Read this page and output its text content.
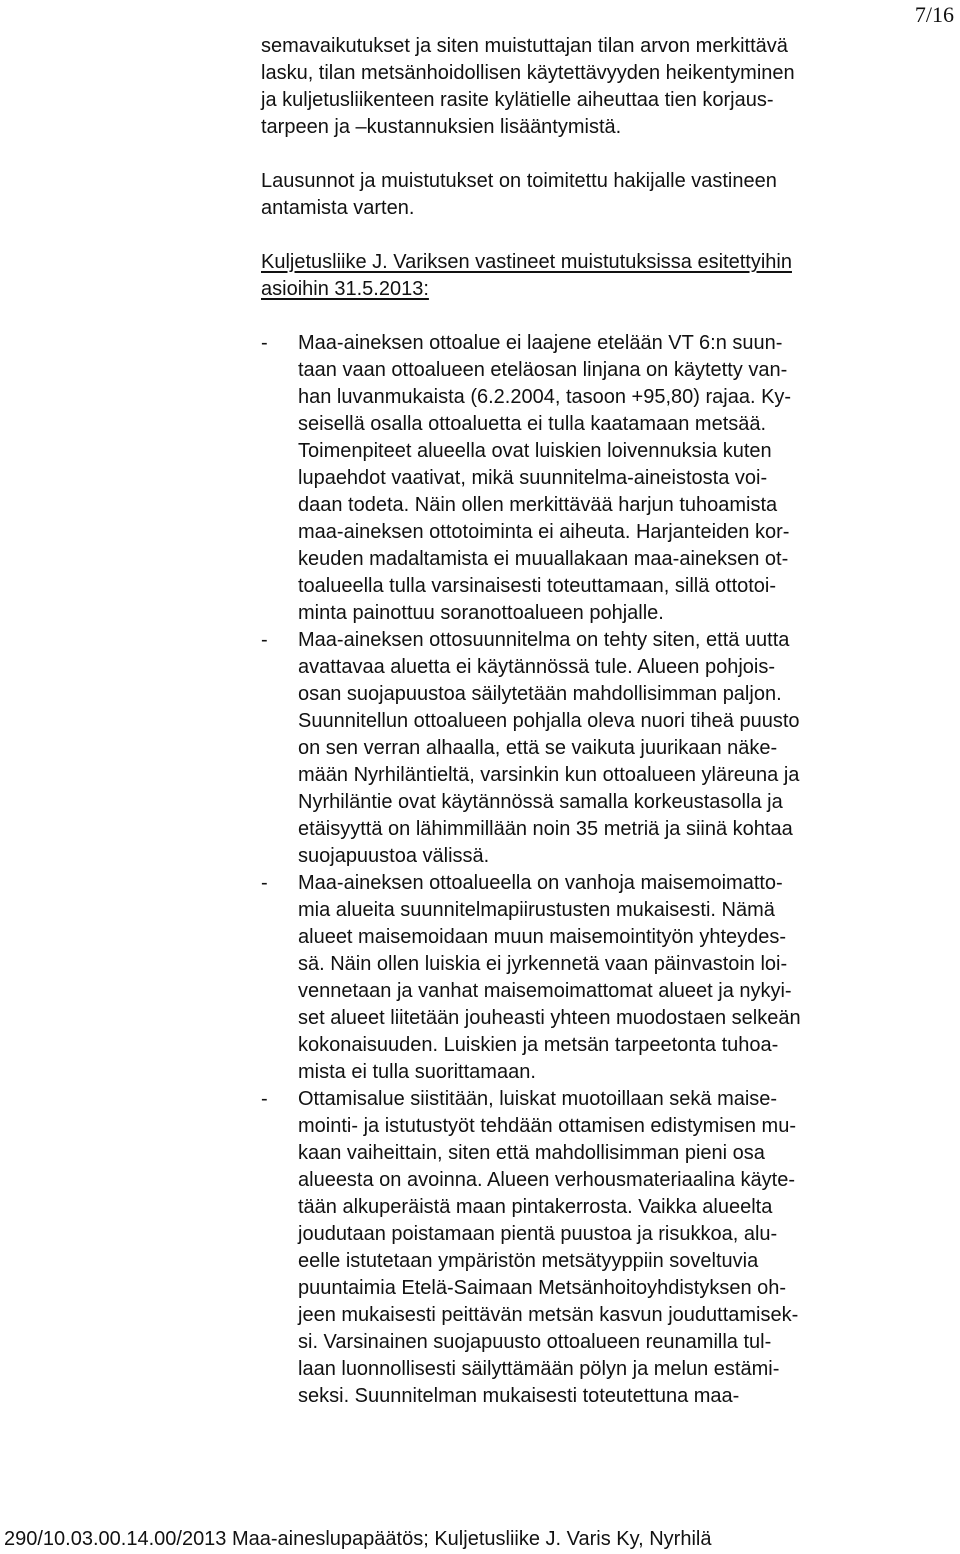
7/16
semavaikutukset ja siten muistuttajan tilan arvon merkittävä
lasku, tilan metsänhoidollisen käytettävyyden heikentyminen
ja kuljetusliikenteen rasite kylätielle aiheuttaa tien korjaus-
tarpeen ja –kustannuksien lisääntymistä.
Lausunnot ja muistutukset on toimitettu hakijalle vastineen
antamista varten.
Kuljetusliike J. Variksen vastineet muistutuksissa esitettyihin
asioihin 31.5.2013:
-	Maa-aineksen ottoalue ei laajene etelään VT 6:n suun-
taan vaan ottoalueen eteläosan linjana on käytetty van-
han luvanmukaista (6.2.2004, tasoon +95,80) rajaa. Ky-
seisellä osalla ottoaluetta ei tulla kaatamaan metsää.
Toimenpiteet alueella ovat luiskien loivennuksia kuten
lupaehdot vaativat, mikä suunnitelma-aineistosta voi-
daan todeta. Näin ollen merkittävää harjun tuhoamista
maa-aineksen ottotoiminta ei aiheuta. Harjanteiden kor-
keuden madaltamista ei muuallakaan maa-aineksen ot-
toalueella tulla varsinaisesti toteuttamaan, sillä ottotoi-
minta painottuu soranottoalueen pohjalle.
-	Maa-aineksen ottosuunnitelma on tehty siten, että uutta
avattavaa aluetta ei käytännössä tule. Alueen pohjois-
osan suojapuustoa säilytetään mahdollisimman paljon.
Suunnitellun ottoalueen pohjalla oleva nuori tiheä puusto
on sen verran alhaalla, että se vaikuta juurikaan näke-
mään Nyrhiläntieltä, varsinkin kun ottoalueen yläreuna ja
Nyrhiläntie ovat käytännössä samalla korkeustasolla ja
etäisyyttä on lähimmillään noin 35 metriä ja siinä kohtaa
suojapuustoa välissä.
-	Maa-aineksen ottoalueella on vanhoja maisemoimatto-
mia alueita suunnitelmapiirustusten mukaisesti. Nämä
alueet maisemoidaan muun maisemointityön yhteydes-
sä. Näin ollen luiskia ei jyrkennetä vaan päinvastoin loi-
vennetaan ja vanhat maisemoimattomat alueet ja nykyi-
set alueet liitetään jouheasti yhteen muodostaen selkeän
kokonaisuuden. Luiskien ja metsän tarpeetonta tuhoa-
mista ei tulla suorittamaan.
-	Ottamisalue siistitään, luiskat muotoillaan sekä maise-
mointi- ja istutustyöt tehdään ottamisen edistymisen mu-
kaan vaiheittain, siten että mahdollisimman pieni osa
alueesta on avoinna. Alueen verhousmateriaalina käyte-
tään alkuperäistä maan pintakerrosta. Vaikka alueelta
joudutaan poistamaan pientä puustoa ja risukkoa, alu-
eelle istutetaan ympäristön metsätyyppiin soveltuvia
puuntaimia Etelä-Saimaan Metsänhoitoyhdistyksen oh-
jeen mukaisesti peittävän metsän kasvun jouduttamisek-
si. Varsinainen suojapuusto ottoalueen reunamilla tul-
laan luonnollisesti säilyttämään pölyn ja melun estämi-
seksi. Suunnitelman mukaisesti toteutettuna maa-
290/10.03.00.14.00/2013 Maa-aineslupapäätös; Kuljetusliike J. Varis Ky, Nyrhilä
